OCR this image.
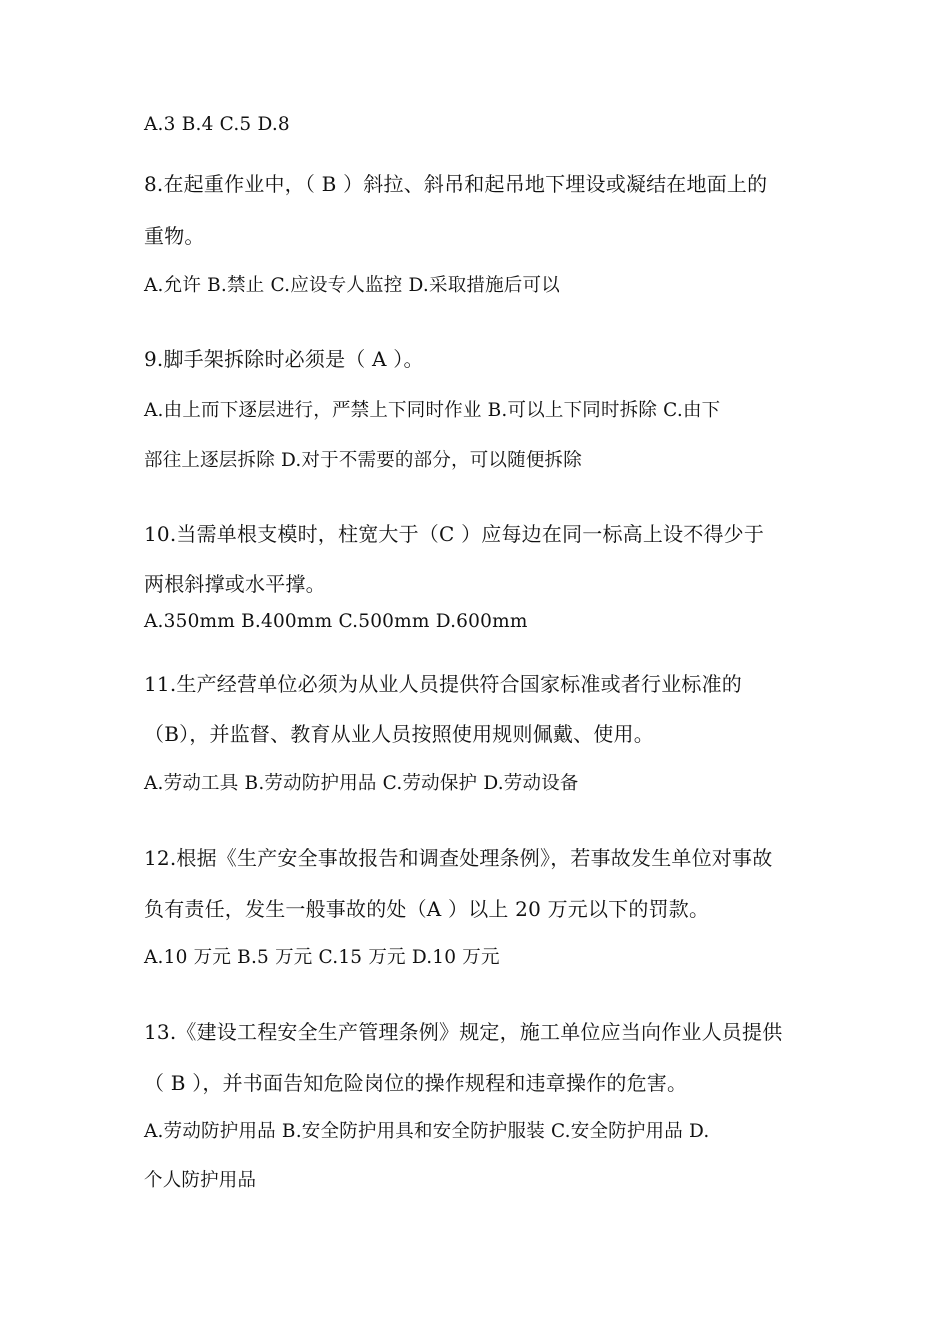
A.3 B.4 C.5 D.8
8.在起重作业中，（ B ）斜拉、斜吊和起吊地下埋设或凝结在地面上的
重物。
A.允许 B.禁止 C.应设专人监控 D.采取措施后可以
9.脚手架拆除时必须是（ A ）。
A.由上而下逐层进行，严禁上下同时作业 B.可以上下同时拆除 C.由下
部往上逐层拆除 D.对于不需要的部分，可以随便拆除
10.当需单根支模时，柱宽大于（C ）应每边在同一标高上设不得少于
两根斜撑或水平撑。
A.350mm B.400mm C.500mm D.600mm
11.生产经营单位必须为从业人员提供符合国家标准或者行业标准的
（B），并监督、教育从业人员按照使用规则佩戴、使用。
A.劳动工具 B.劳动防护用品 C.劳动保护 D.劳动设备
12.根据《生产安全事故报告和调查处理条例》，若事故发生单位对事故
负有责任，发生一般事故的处（A ）以上 20 万元以下的罚款。
A.10 万元 B.5 万元 C.15 万元 D.10 万元
13.《建设工程安全生产管理条例》规定，施工单位应当向作业人员提供
（ B ），并书面告知危险岗位的操作规程和违章操作的危害。
A.劳动防护用品 B.安全防护用具和安全防护服装 C.安全防护用品 D.
个人防护用品
